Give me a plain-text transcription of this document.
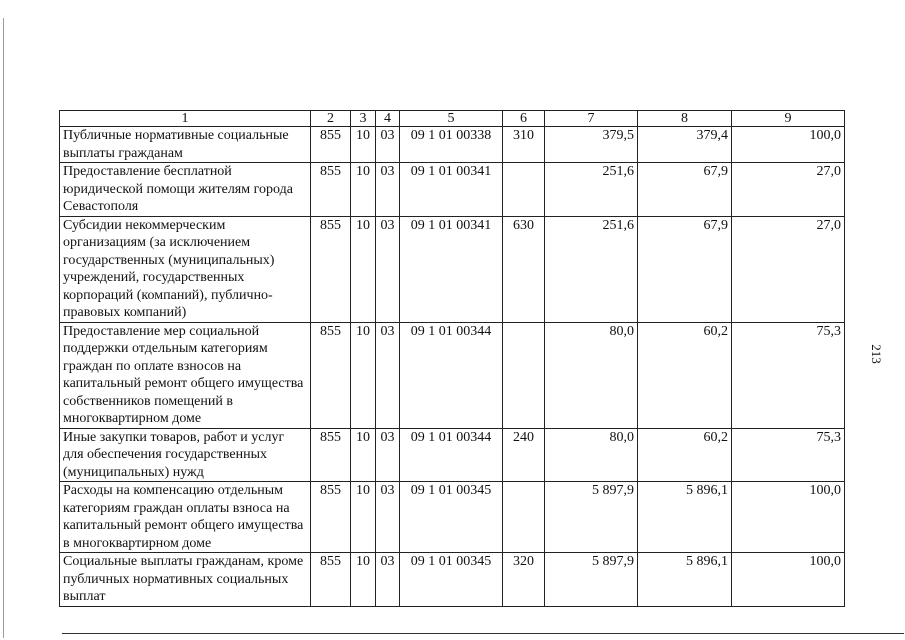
213
1	2	3	4	5	6	7	8	9
Публичные нормативные социальные выплаты гражданам	855	10	03	09 1 01 00338	310	379,5	379,4	100,0
Предоставление бесплатной юридической помощи жителям города Севастополя	855	10	03	09 1 01 00341		251,6	67,9	27,0
Субсидии некоммерческим организациям (за исключением государственных (муниципальных) учреждений, государственных корпораций (компаний), публично-правовых компаний)	855	10	03	09 1 01 00341	630	251,6	67,9	27,0
Предоставление мер социальной поддержки отдельным категориям граждан по оплате взносов на капитальный ремонт общего имущества собственников помещений в многоквартирном доме	855	10	03	09 1 01 00344		80,0	60,2	75,3
Иные закупки товаров, работ и услуг для обеспечения государственных (муниципальных) нужд	855	10	03	09 1 01 00344	240	80,0	60,2	75,3
Расходы на компенсацию отдельным категориям граждан оплаты взноса на капитальный ремонт общего имущества в многоквартирном доме	855	10	03	09 1 01 00345		5 897,9	5 896,1	100,0
Социальные выплаты гражданам, кроме публичных нормативных социальных выплат	855	10	03	09 1 01 00345	320	5 897,9	5 896,1	100,0
